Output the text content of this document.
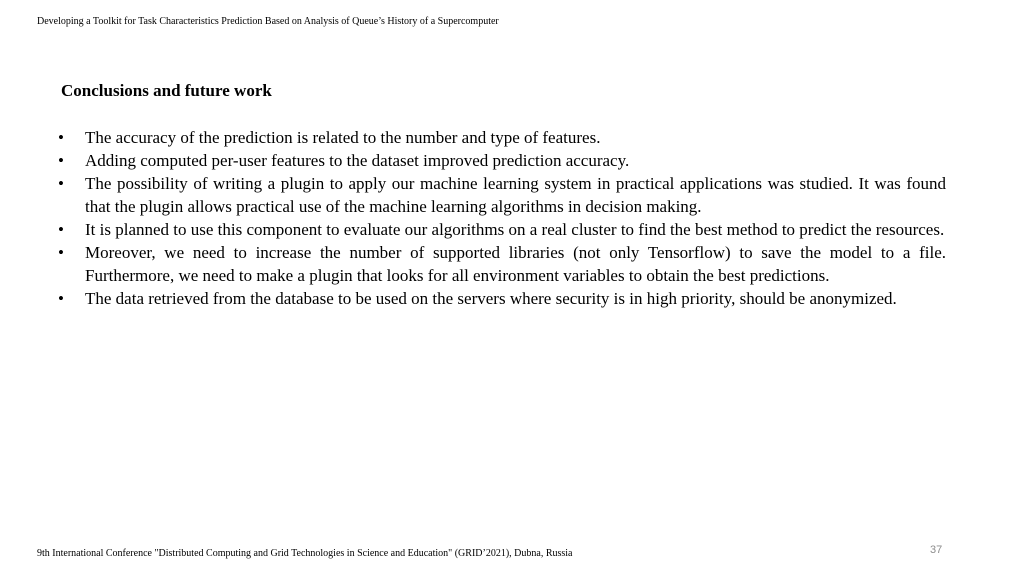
Developing a Toolkit for Task Characteristics Prediction Based on Analysis of Queue’s History of a Supercomputer
Conclusions and future work
•	The accuracy of the prediction is related to the number and type of features.
•	Adding computed per-user features to the dataset improved prediction accuracy.
•	The possibility of writing a plugin to apply our machine learning system in practical applications was studied. It was found that the plugin allows practical use of the machine learning algorithms in decision making.
•	It is planned to use this component to evaluate our algorithms on a real cluster to find the best method to predict the resources.
•	Moreover, we need to increase the number of supported libraries (not only Tensorflow) to save the model to a file. Furthermore, we need to make a plugin that looks for all environment variables to obtain the best predictions.
•	The data retrieved from the database to be used on the servers where security is in high priority, should be anonymized.
9th International Conference "Distributed Computing and Grid Technologies in Science and Education" (GRID’2021), Dubna, Russia	37
